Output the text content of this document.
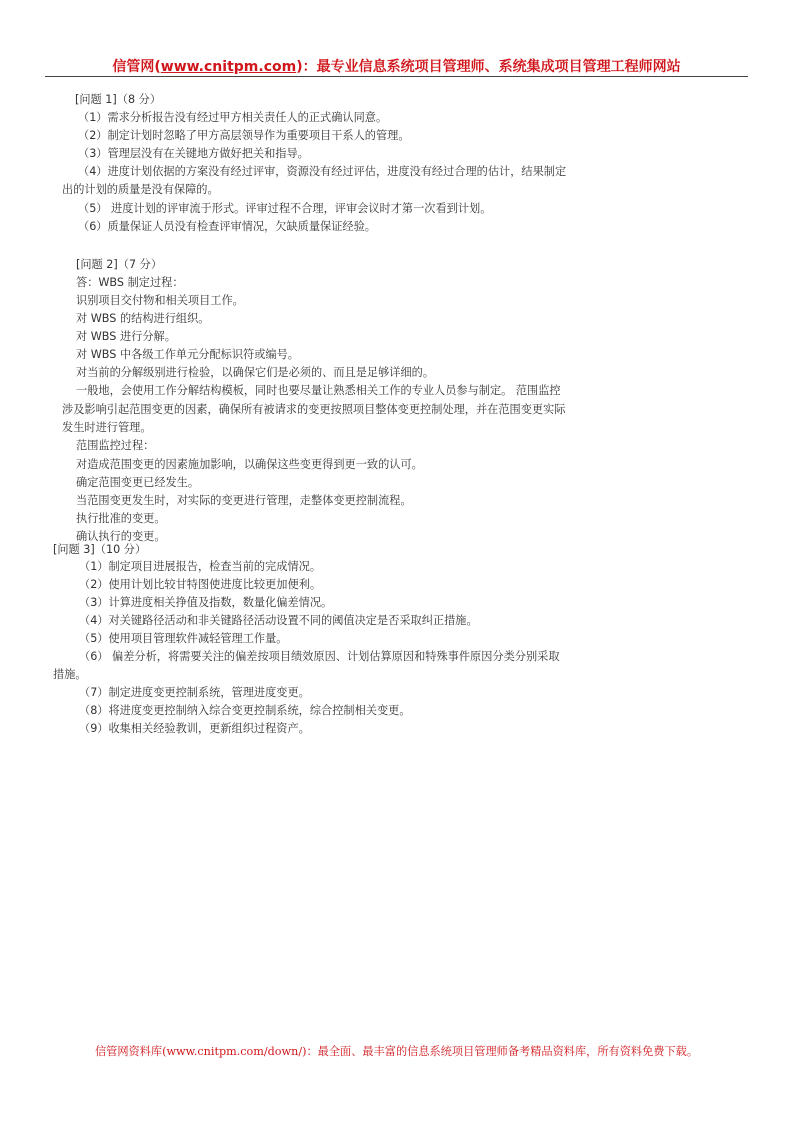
信管网(www.cnitpm.com)：最专业信息系统项目管理师、系统集成项目管理工程师网站
[问题 1]（8 分）
（1）需求分析报告没有经过甲方相关责任人的正式确认同意。
（2）制定计划时忽略了甲方高层领导作为重要项目干系人的管理。
（3）管理层没有在关键地方做好把关和指导。
（4）进度计划依据的方案没有经过评审，资源没有经过评估，进度没有经过合理的估计，结果制定
出的计划的质量是没有保障的。
（5） 进度计划的评审流于形式。评审过程不合理，评审会议时才第一次看到计划。
（6）质量保证人员没有检查评审情况，欠缺质量保证经验。
[问题 2]（7 分）
答：WBS 制定过程：
识别项目交付物和相关项目工作。
对 WBS 的结构进行组织。
对 WBS 进行分解。
对 WBS 中各级工作单元分配标识符或编号。
对当前的分解级别进行检验，以确保它们是必须的、而且是足够详细的。
一般地，会使用工作分解结构模板，同时也要尽量让熟悉相关工作的专业人员参与制定。 范围监控
涉及影响引起范围变更的因素，确保所有被请求的变更按照项目整体变更控制处理，并在范围变更实际
发生时进行管理。
范围监控过程：
对造成范围变更的因素施加影响，以确保这些变更得到更一致的认可。
确定范围变更已经发生。
当范围变更发生时，对实际的变更进行管理，走整体变更控制流程。
执行批准的变更。
确认执行的变更。
[问题 3]（10 分）
（1）制定项目进展报告，检查当前的完成情况。
（2）使用计划比较甘特图使进度比较更加便利。
（3）计算进度相关挣值及指数，数量化偏差情况。
（4）对关键路径活动和非关键路径活动设置不同的阈值决定是否采取纠正措施。
（5）使用项目管理软件减轻管理工作量。
（6） 偏差分析，将需要关注的偏差按项目绩效原因、计划估算原因和特殊事件原因分类分别采取
措施。
（7）制定进度变更控制系统，管理进度变更。
（8）将进度变更控制纳入综合变更控制系统，综合控制相关变更。
（9）收集相关经验教训，更新组织过程资产。
信管网资料库(www.cnitpm.com/down/)：最全面、最丰富的信息系统项目管理师备考精品资料库，所有资料免费下载。
